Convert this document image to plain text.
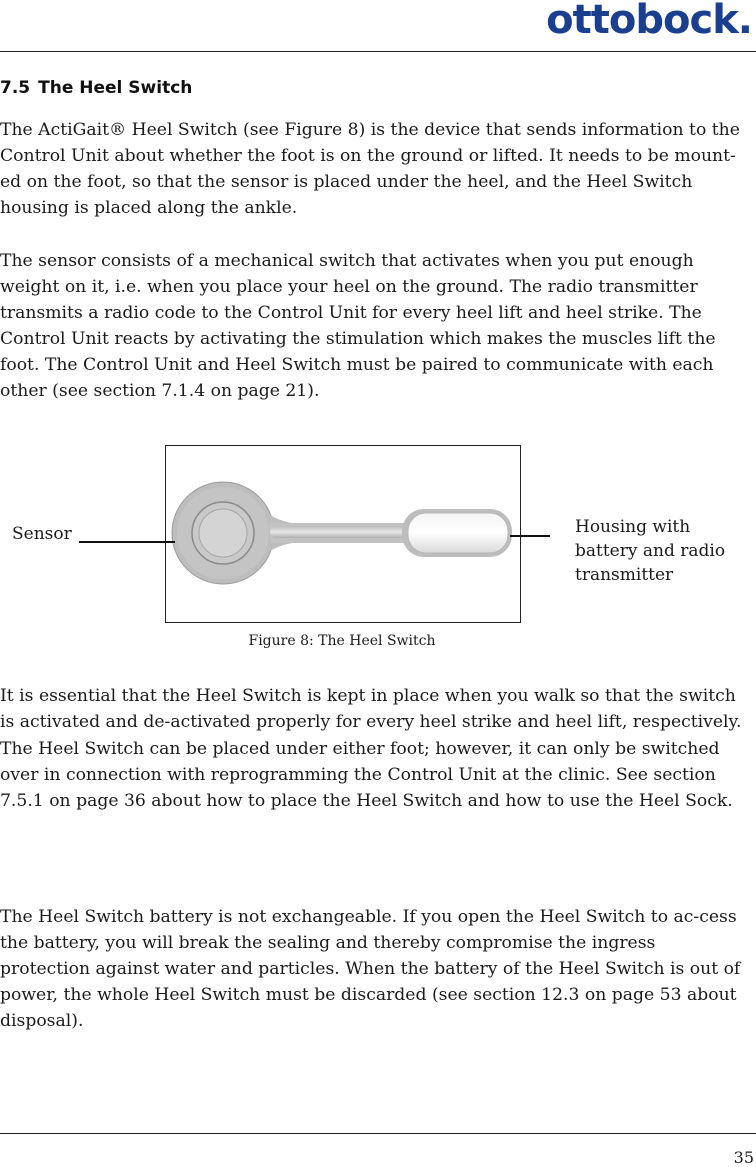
ottobock.
7.5 The Heel Switch

The ActiGait® Heel Switch (see Figure 8) is the device that sends information to the Control Unit about whether the foot is on the ground or lifted. It needs to be mount-ed on the foot, so that the sensor is placed under the heel, and the Heel Switch housing is placed along the ankle.

The sensor consists of a mechanical switch that activates when you put enough weight on it, i.e. when you place your heel on the ground. The radio transmitter transmits a radio code to the Control Unit for every heel lift and heel strike. The Control Unit reacts by activating the stimulation which makes the muscles lift the foot. The Control Unit and Heel Switch must be paired to communicate with each other (see section 7.1.4 on page 21).

Sensor	Housing with battery and radio transmitter
Figure 8: The Heel Switch

It is essential that the Heel Switch is kept in place when you walk so that the switch is activated and de-activated properly for every heel strike and heel lift, respectively.

The Heel Switch can be placed under either foot; however, it can only be switched over in connection with reprogramming the Control Unit at the clinic. See section 7.5.1 on page 36 about how to place the Heel Switch and how to use the Heel Sock.

The Heel Switch battery is not exchangeable. If you open the Heel Switch to ac-cess the battery, you will break the sealing and thereby compromise the ingress protection against water and particles. When the battery of the Heel Switch is out of power, the whole Heel Switch must be discarded (see section 12.3 on page 53 about disposal).

35
